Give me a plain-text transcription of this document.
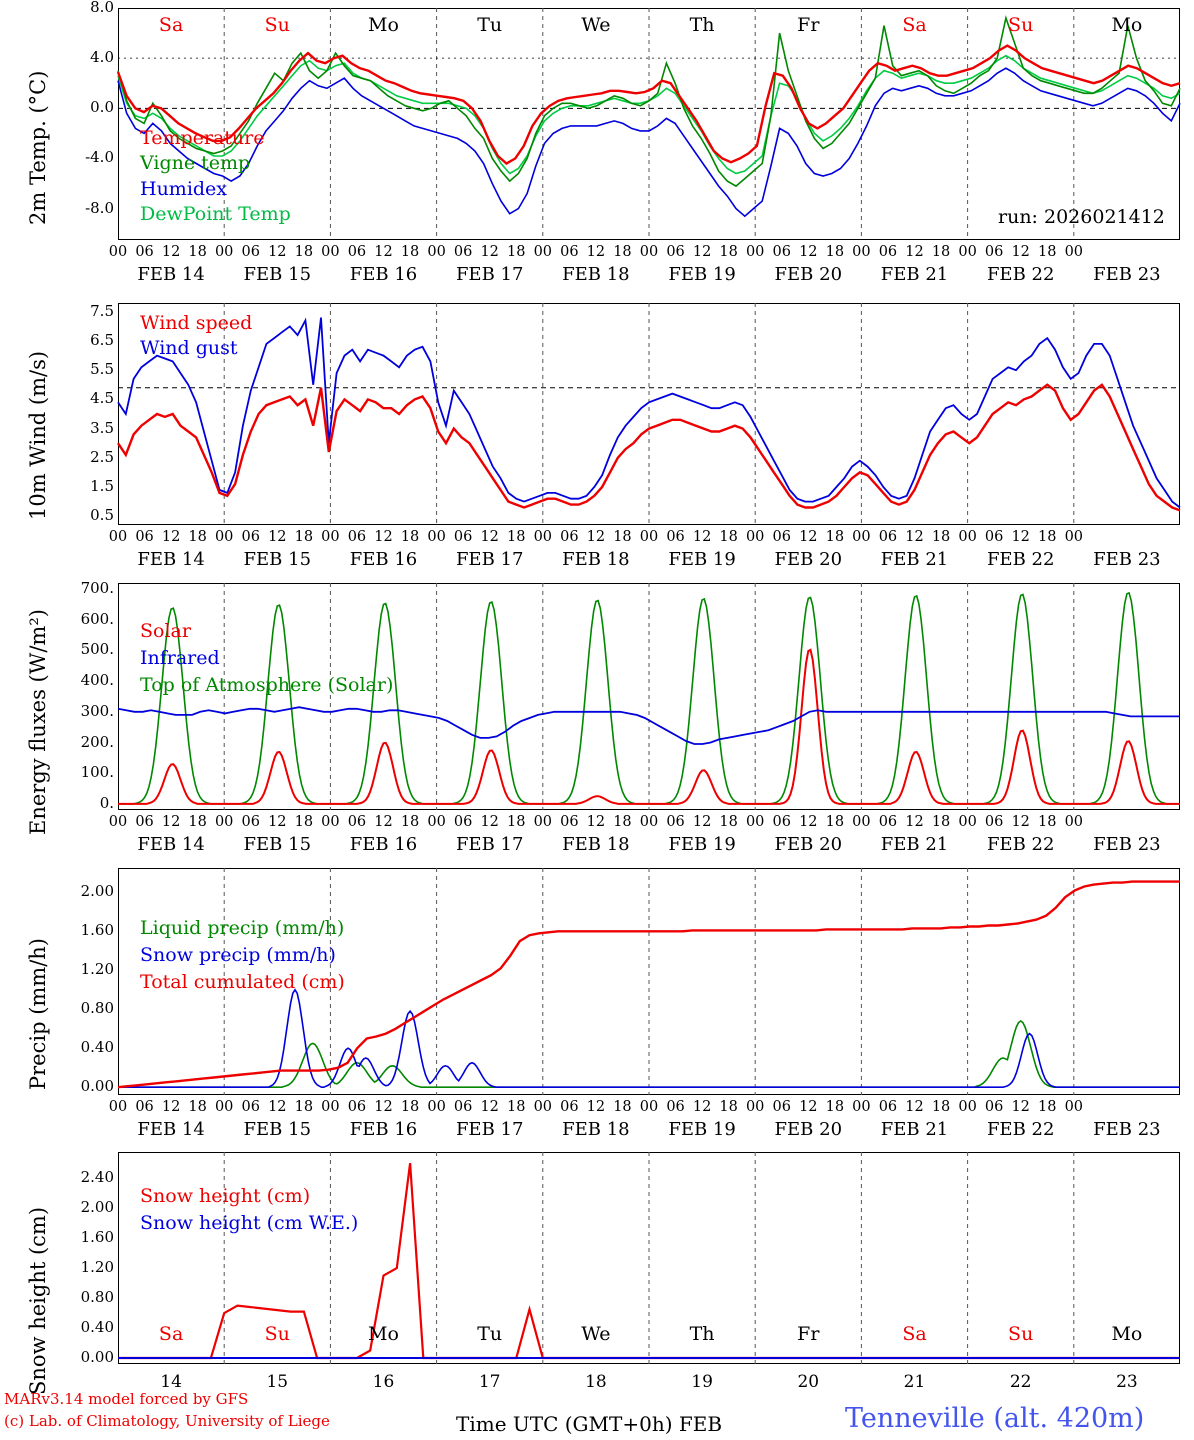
2m Temp. (°C)	-8.0
-4.0
0.0
4.0
8.0
Sa	Su	Mo	Tu	We	Th	Fr	Sa	Su	Mo
Temperature
Vigne temp
Humidex
DewPoint Temp	run: 2026021412
00 06 12 18 00 06 12 18 00 06 12 18 00 06 12 18 00 06 12 18 00 06 12 18 00 06 12 18 00 06 12 18 00 06 12 18 00
FEB 14	FEB 15	FEB 16	FEB 17	FEB 18	FEB 19	FEB 20	FEB 21	FEB 22	FEB 23
10m Wind (m/s)	0.5
1.5
2.5
3.5
4.5
5.5
6.5
7.5
Wind speed
Wind gust
00 06 12 18 00 06 12 18 00 06 12 18 00 06 12 18 00 06 12 18 00 06 12 18 00 06 12 18 00 06 12 18 00 06 12 18 00
FEB 14	FEB 15	FEB 16	FEB 17	FEB 18	FEB 19	FEB 20	FEB 21	FEB 22	FEB 23
Energy fluxes (W/m²)	0.
100.
200.
300.
400.
500.
600.
700.
Solar
Infrared
Top of Atmosphere (Solar)
00 06 12 18 00 06 12 18 00 06 12 18 00 06 12 18 00 06 12 18 00 06 12 18 00 06 12 18 00 06 12 18 00 06 12 18 00
FEB 14	FEB 15	FEB 16	FEB 17	FEB 18	FEB 19	FEB 20	FEB 21	FEB 22	FEB 23
Precip (mm/h)	0.00
0.40
0.80
1.20
1.60
2.00
Liquid precip (mm/h)
Snow precip (mm/h)
Total cumulated (cm)
00 06 12 18 00 06 12 18 00 06 12 18 00 06 12 18 00 06 12 18 00 06 12 18 00 06 12 18 00 06 12 18 00 06 12 18 00
FEB 14	FEB 15	FEB 16	FEB 17	FEB 18	FEB 19	FEB 20	FEB 21	FEB 22	FEB 23
Snow height (cm)	0.00
0.40
0.80
1.20
1.60
2.00
2.40
Snow height (cm)
Snow height (cm W.E.)
Sa	Su	Mo	Tu	We	Th	Fr	Sa	Su	Mo
14	15	16	17	18	19	20	21	22	23
Time UTC (GMT+0h) FEB
MARv3.14 model forced by GFS
(c) Lab. of Climatology, University of Liege	Tenneville (alt. 420m)
